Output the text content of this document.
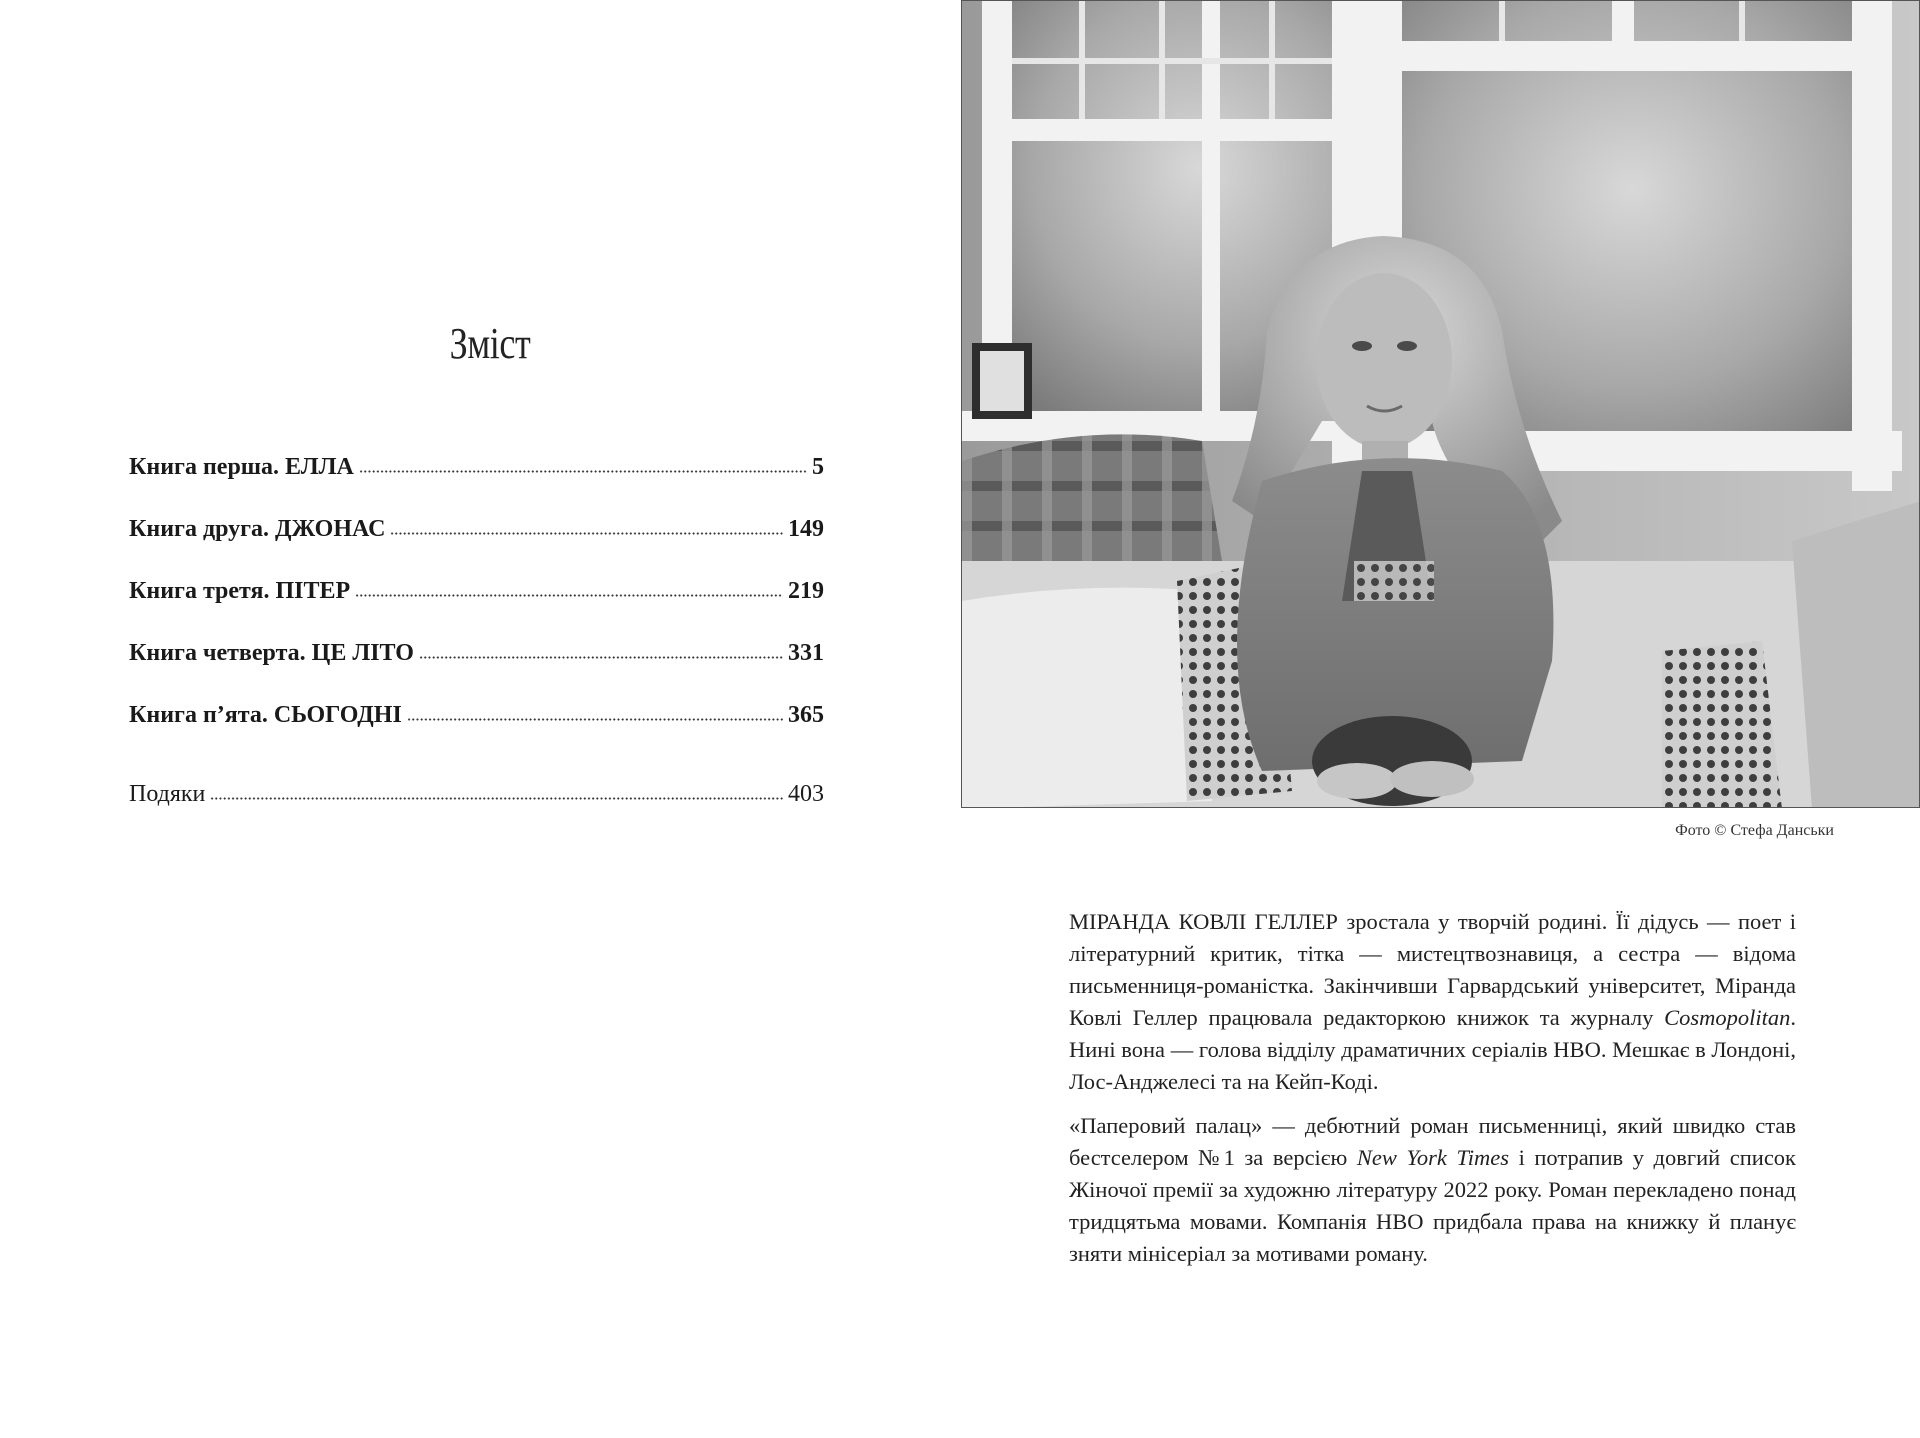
Зміст
Книга перша. ЕЛЛА	5
Книга друга. ДЖОНАС	149
Книга третя. ПІТЕР	219
Книга четверта. ЦЕ ЛІТО	331
Книга п’ята. СЬОГОДНІ	365
Подяки	403
Фото © Стефа Данськи

МІРАНДА КОВЛІ ГЕЛЛЕР зростала у творчій родині. Її дідусь — поет і літературний критик, тітка — мистецтвознавиця, а сестра — відома письменниця-романістка. Закінчивши Гарвардський університет, Міранда Ковлі Геллер працювала редакторкою книжок та журналу Cosmopolitan. Нині вона — голова відділу драматичних серіалів HBO. Мешкає в Лондоні, Лос-Анджелесі та на Кейп-Коді.

«Паперовий палац» — дебютний роман письменниці, який швидко став бестселером №1 за версією New York Times і потрапив у довгий список Жіночої премії за художню літературу 2022 року. Роман перекладено понад тридцятьма мовами. Компанія HBO придбала права на книжку й планує зняти мінісеріал за мотивами роману.
